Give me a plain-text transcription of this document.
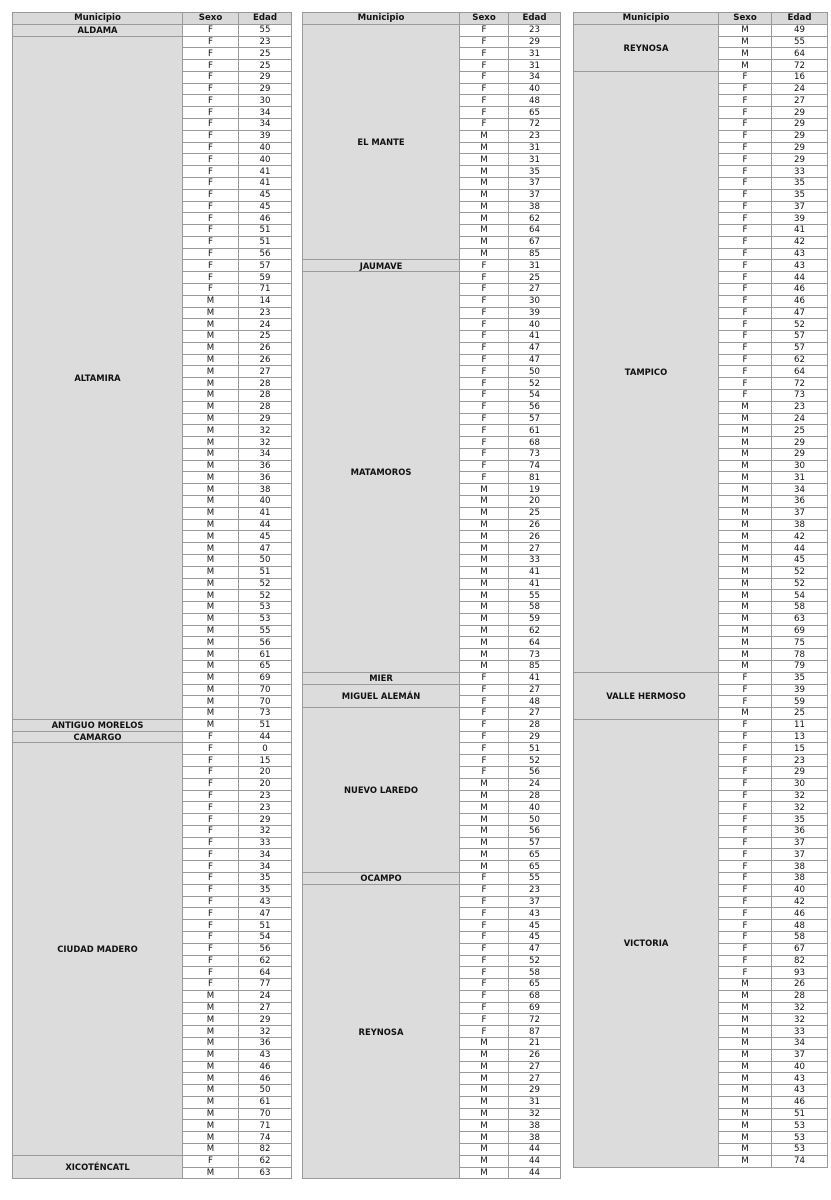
Municipio	Sexo	Edad
ALDAMA	F	55
ALTAMIRA	F	23
	F	25
	F	25
	F	29
	F	29
	F	30
	F	34
	F	34
	F	39
	F	40
	F	40
	F	41
	F	41
	F	45
	F	45
	F	46
	F	51
	F	51
	F	56
	F	57
	F	59
	F	71
	M	14
	M	23
	M	24
	M	25
	M	26
	M	26
	M	27
	M	28
	M	28
	M	28
	M	29
	M	32
	M	32
	M	34
	M	36
	M	36
	M	38
	M	40
	M	41
	M	44
	M	45
	M	47
	M	50
	M	51
	M	52
	M	52
	M	53
	M	53
	M	55
	M	56
	M	61
	M	65
	M	69
	M	70
	M	70
	M	73
ANTIGUO MORELOS	M	51
CAMARGO	F	44
CIUDAD MADERO	F	0
	F	15
	F	20
	F	20
	F	23
	F	23
	F	29
	F	32
	F	33
	F	34
	F	34
	F	35
	F	35
	F	43
	F	47
	F	51
	F	54
	F	56
	F	62
	F	64
	F	77
	M	24
	M	27
	M	29
	M	32
	M	36
	M	43
	M	46
	M	46
	M	50
	M	61
	M	70
	M	71
	M	74
	M	82
XICOTÉNCATL	F	62
	M	63
Municipio	Sexo	Edad
EL MANTE	F	23
	F	29
	F	31
	F	31
	F	34
	F	40
	F	48
	F	65
	F	72
	M	23
	M	31
	M	31
	M	35
	M	37
	M	37
	M	38
	M	62
	M	64
	M	67
	M	85
JAUMAVE	F	31
MATAMOROS	F	25
	F	27
	F	30
	F	39
	F	40
	F	41
	F	47
	F	47
	F	50
	F	52
	F	54
	F	56
	F	57
	F	61
	F	68
	F	73
	F	74
	F	81
	M	19
	M	20
	M	25
	M	26
	M	26
	M	27
	M	33
	M	41
	M	41
	M	55
	M	58
	M	59
	M	62
	M	64
	M	73
	M	85
MIER	F	41
MIGUEL ALEMÁN	F	27
	F	48
NUEVO LAREDO	F	27
	F	28
	F	29
	F	51
	F	52
	F	56
	M	24
	M	28
	M	40
	M	50
	M	56
	M	57
	M	65
	M	65
OCAMPO	F	55
REYNOSA	F	23
	F	37
	F	43
	F	45
	F	45
	F	47
	F	52
	F	58
	F	65
	F	68
	F	69
	F	72
	F	87
	M	21
	M	26
	M	27
	M	27
	M	29
	M	31
	M	32
	M	38
	M	38
	M	44
	M	44
	M	44
Municipio	Sexo	Edad
REYNOSA	M	49
	M	55
	M	64
	M	72
TAMPICO	F	16
	F	24
	F	27
	F	29
	F	29
	F	29
	F	29
	F	29
	F	33
	F	35
	F	35
	F	37
	F	39
	F	41
	F	42
	F	43
	F	43
	F	44
	F	46
	F	46
	F	47
	F	52
	F	57
	F	57
	F	62
	F	64
	F	72
	F	73
	M	23
	M	24
	M	25
	M	29
	M	29
	M	30
	M	31
	M	34
	M	36
	M	37
	M	38
	M	42
	M	44
	M	45
	M	52
	M	52
	M	54
	M	58
	M	63
	M	69
	M	75
	M	78
	M	79
VALLE HERMOSO	F	35
	F	39
	F	59
	M	25
VICTORIA	F	11
	F	13
	F	15
	F	23
	F	29
	F	30
	F	32
	F	32
	F	35
	F	36
	F	37
	F	37
	F	38
	F	38
	F	40
	F	42
	F	46
	F	48
	F	58
	F	67
	F	82
	F	93
	M	26
	M	28
	M	32
	M	32
	M	33
	M	34
	M	37
	M	40
	M	43
	M	43
	M	46
	M	51
	M	53
	M	53
	M	53
	M	74
